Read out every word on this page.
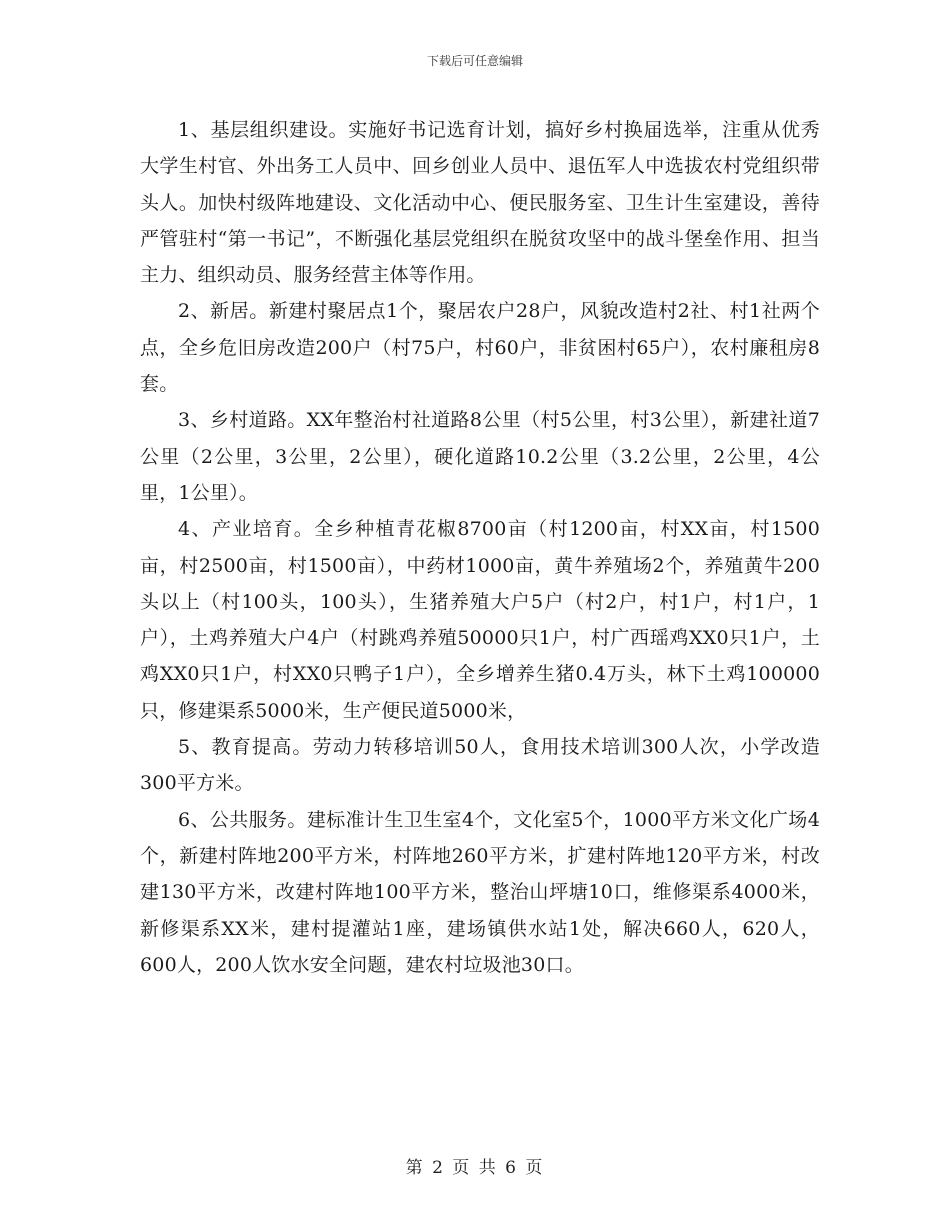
下载后可任意编辑

1、基层组织建设。实施好书记选育计划，搞好乡村换届选举，注重从优秀大学生村官、外出务工人员中、回乡创业人员中、退伍军人中选拔农村党组织带头人。加快村级阵地建设、文化活动中心、便民服务室、卫生计生室建设，善待严管驻村“第一书记”，不断强化基层党组织在脱贫攻坚中的战斗堡垒作用、担当主力、组织动员、服务经营主体等作用。

2、新居。新建村聚居点1个，聚居农户28户，风貌改造村2社、村1社两个点，全乡危旧房改造200户（村75户，村60户，非贫困村65户），农村廉租房8套。

3、乡村道路。XX年整治村社道路8公里（村5公里，村3公里），新建社道7公里（2公里，3公里，2公里），硬化道路10.2公里（3.2公里，2公里，4公里，1公里）。

4、产业培育。全乡种植青花椒8700亩（村1200亩，村XX亩，村1500亩，村2500亩，村1500亩），中药材1000亩，黄牛养殖场2个，养殖黄牛200头以上（村100头，100头），生猪养殖大户5户（村2户，村1户，村1户，1户），土鸡养殖大户4户（村跳鸡养殖50000只1户，村广西瑶鸡XX0只1户，土鸡XX0只1户，村XX0只鸭子1户），全乡增养生猪0.4万头，林下土鸡100000只，修建渠系5000米，生产便民道5000米，

5、教育提高。劳动力转移培训50人，食用技术培训300人次，小学改造300平方米。

6、公共服务。建标准计生卫生室4个，文化室5个，1000平方米文化广场4个，新建村阵地200平方米，村阵地260平方米，扩建村阵地120平方米，村改建130平方米，改建村阵地100平方米，整治山坪塘10口，维修渠系4000米，新修渠系XX米，建村提灌站1座，建场镇供水站1处，解决660人，620人，600人，200人饮水安全问题，建农村垃圾池30口。

第 2 页 共 6 页
